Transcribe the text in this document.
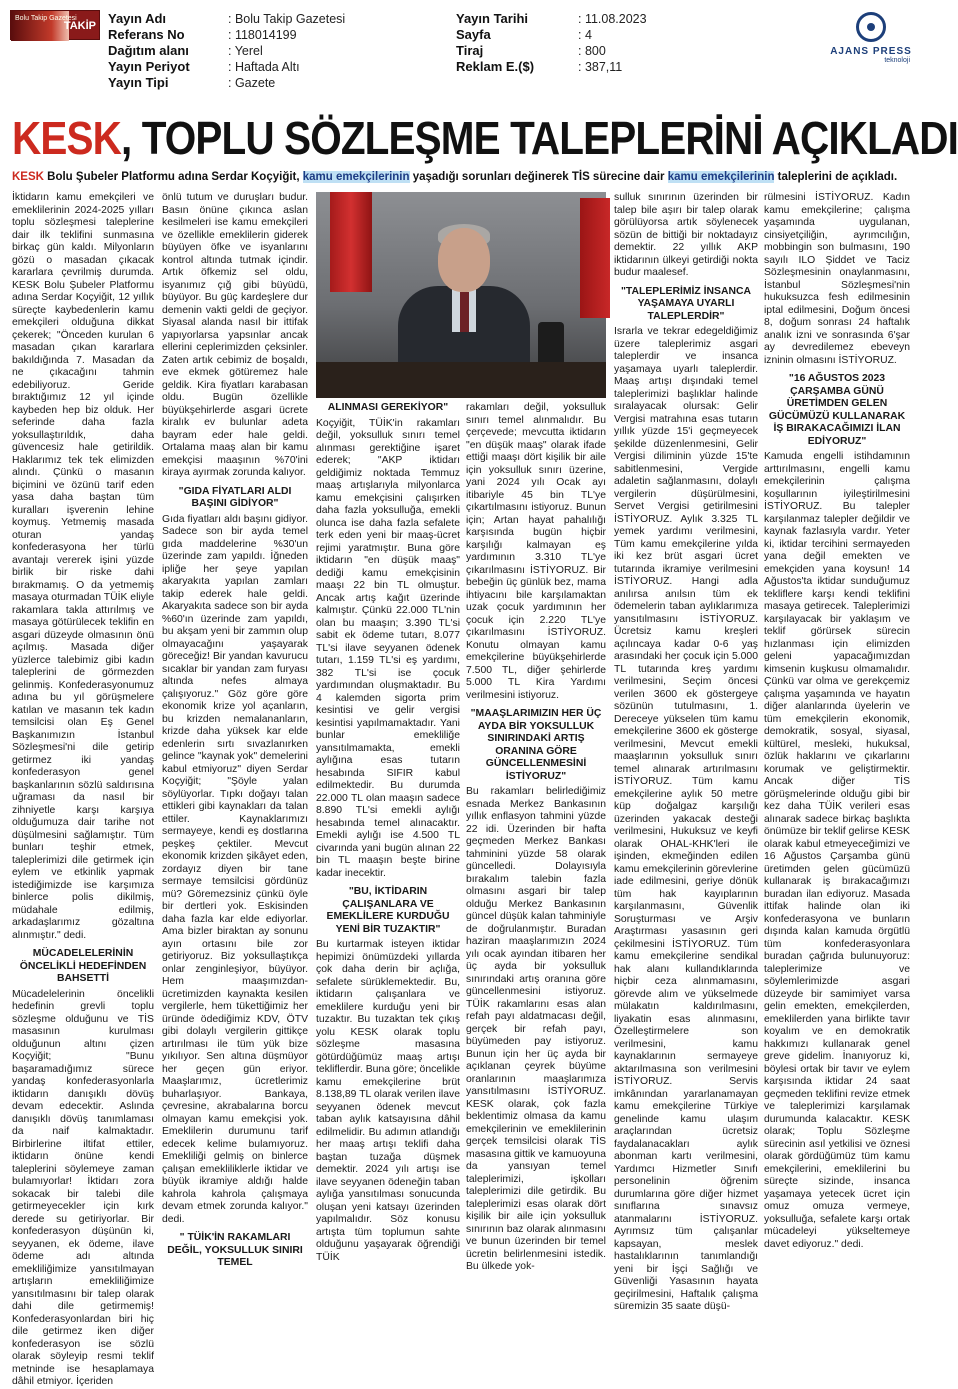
Bolu Takip Gazetesi
TAKİP Yayın Adı	: Bolu Takip Gazetesi
Referans No	: 118014199
Dağıtım alanı	: Yerel
Yayın Periyot	: Haftada Altı
Yayın Tipi	: Gazete
Yayın Tarihi	: 11.08.2023
Sayfa	: 4
Tiraj	: 800
Reklam E.($)	: 387,11
AJANS PRESS
teknoloji
KESK, TOPLU SÖZLEŞME TALEPLERİNİ AÇIKLADI
KESK Bolu Şubeler Platformu adına Serdar Koçyiğit, kamu emekçilerinin yaşadığı sorunları değinerek TİS sürecine dair kamu emekçilerinin taleplerini de açıkladı.

İktidarın kamu emekçileri ve emeklilerinin 2024-2025 yılları toplu sözleşmesi taleplerine dair ilk teklifini sunmasına birkaç gün kaldı. Milyonların gözü o masadan çıkacak kararlara çevrilmiş durumda. KESK Bolu Şubeler Platformu adına Serdar Koçyiğit, 12 yıllık süreçte kaybedenlerin kamu emekçileri olduğuna dikkat çekerek; "Önceden kurulan 6 masadan çıkan kararlara bakıldığında 7. Masadan da ne çıkacağını tahmin edebiliyoruz. Geride bıraktığımız 12 yıl içinde kaybeden hep biz olduk. Her seferinde daha fazla yoksullaştırıldık, daha güvencesiz hale getirildik. Haklarımız tek tek elimizden alındı. Çünkü o masanın biçimini ve özünü tarif eden yasa daha baştan tüm kuralları işverenin lehine koymuş. Yetmemiş masada oturan yandaş konfederasyona her türlü avantajı vererek işini yüzde birlik bir riske dahi bırakmamış. O da yetmemiş masaya oturmadan TÜİK eliyle rakamlara takla attırılmış ve masaya götürülecek teklifin en asgari düzeyde olmasının önü açılmış. Masada diğer yüzlerce talebimiz gibi kadın taleplerini de görmezden gelinmiş. Konfederasyonumuz adına bu yıl görüşmelere katılan ve masanın tek kadın temsilcisi olan Eş Genel Başkanımızın İstanbul Sözleşmesi'ni dile getirip getirmez iki yandaş konfederasyon genel başkanlarının sözlü saldırısına uğraması da nasıl bir zihniyetle karşı karşıya olduğumuza dair tarihe not düşülmesini sağlamıştır. Tüm bunları teşhir etmek, taleplerimizi dile getirmek için eylem ve etkinlik yapmak istediğimizde ise karşımıza binlerce polis dikilmiş, müdahale edilmiş, arkadaşlarımız gözaltına alınmıştır." dedi.

MÜCADELELERİNİN ÖNCELİKLİ HEDEFİNDEN BAHSETTİ

Mücadelelerinin öncelikli hedefinin grevli toplu sözleşme olduğunu ve TİS masasının kurulması olduğunun altını çizen Koçyiğit; "Bunu başaramadığımız sürece yandaş konfederasyonlarla iktidarın danışıklı dövüş devam edecektir. Aslında danışıklı dövüş tanımlaması da naif kalmaktadır. Birbirlerine iltifat ettiler, iktidarın önüne kendi taleplerini söylemeye zaman bulamıyorlar! İktidarı zora sokacak bir talebi dile getirmeyecekler için kırk derede su getiriyorlar. Bir konfederasyon düşünün ki, seyyanen, ek ödeme, ilave ödeme adı altında emekliliğimize yansıtılmayan artışların emekliliğimize yansıtılmasını bir talep olarak dahi dile getirmemiş! Konfederasyonlardan biri hiç dile getirmez iken diğer konfederasyon ise sözlü olarak söyleyip resmi teklif metninde ise hesaplamaya dâhil etmiyor. İçeriden

önlü tutum ve duruşları budur. Basın önüne çıkınca aslan kesilmeleri ise kamu emekçileri ve özellikle emeklilerin giderek büyüyen öfke ve isyanlarını kontrol altında tutmak içindir. Artık öfkemiz sel oldu, isyanımız çığ gibi büyüdü, büyüyor. Bu güç kardeşlere dur demenin vakti geldi de geçiyor. Siyasal alanda nasıl bir ittifak yapıyorlarsa yapsınlar ancak ellerini ceplerimizden çeksinler. Zaten artık cebimiz de boşaldı, eve ekmek götüremez hale geldik. Kira fiyatları karabasan oldu. Bugün özellikle büyükşehirlerde asgari ücrete kiralık ev bulunlar adeta bayram eder hale geldi. Ortalama maaş alan bir kamu emekçisi maaşının %70'ini kiraya ayırmak zorunda kalıyor.

"GIDA FİYATLARI ALDI BAŞINI GİDİYOR"

Gıda fiyatları aldı başını gidiyor. Sadece son bir ayda temel gıda maddelerine %30'un üzerinde zam yapıldı. İğneden ipliğe her şeye yapılan akaryakıta yapılan zamları takip ederek hale geldi. Akaryakıta sadece son bir ayda %60'ın üzerinde zam yapıldı, bu akşam yeni bir zammın olup olmayacağını yaşayarak göreceğiz! Bir yandan kavurucu sıcaklar bir yandan zam furyası altında nefes almaya çalışıyoruz." Göz göre göre ekonomik krize yol açanların, bu krizden nemalananların, krizde daha yüksek kar elde edenlerin sırtı sıvazlanırken gelince "kaynak yok" demelerini kabul etmiyoruz" diyen Serdar Koçyiğit; "Şöyle yalan söylüyorlar. Tıpkı doğayı talan ettikleri gibi kaynakları da talan ettiler. Kaynaklarımızı sermayeye, kendi eş dostlarına peşkeş çektiler. Mevcut ekonomik krizden şikâyet eden, zordayız diyen bir tane sermaye temsilcisi gördünüz mü? Göremezsiniz çünkü öyle bir dertleri yok. Eskisinden daha fazla kar elde ediyorlar. Ama bizler biraktan ay sonunu ayın ortasını bile zor getiriyoruz. Biz yoksullaştıkça onlar zenginleşiyor, büyüyor. Hem maaşımızdan-ücretimizden kaynakta kesilen vergilerle, hem tükettiğimiz her üründe ödediğimiz KDV, ÖTV gibi dolaylı vergilerin gittikçe artırılması ile tüm yük bize yıkılıyor. Sen altına düşmüyor her geçen gün eriyor. Maaşlarımız, ücretlerimiz buharlaşıyor. Bankaya, çevresine, akrabalarına borcu olmayan kamu emekçisi yok. Emeklilerin durumunu tarif edecek kelime bulamıyoruz. Emekliliği gelmiş on binlerce çalışan emekliliklerle iktidar ve büyük ikramiye aldığı halde kahrola kahrola çalışmaya devam etmek zorunda kalıyor." dedi.

" TÜİK'İN RAKAMLARI DEĞİL, YOKSULLUK SINIRI TEMEL
ALINMASI GEREKİYOR"

Koçyiğit, TÜİK'in rakamları değil, yoksulluk sınırı temel alınması gerektiğine işaret ederek; "AKP iktidarı geldiğimiz noktada Temmuz maaş artışlarıyla milyonlarca kamu emekçisini çalışırken daha fazla yoksulluğa, emekli olunca ise daha fazla sefalete terk eden yeni bir maaş-ücret rejimi yaratmıştır. Buna göre iktidarın "en düşük maaş" dediği kamu emekçisinin maaşı 22 bin TL olmuştur. Ancak artış kağıt üzerinde kalmıştır. Çünkü 22.000 TL'nin olan bu maaşın; 3.390 TL'si sabit ek ödeme tutarı, 8.077 TL'si ilave seyyanen ödenek tutarı, 1.159 TL'si eş yardımı, 382 TL'si ise çocuk yardımından oluşmaktadır. Bu 4 kalemden sigorta prim kesintisi ve gelir vergisi kesintisi yapılmamaktadır. Yani bunlar emekliliğe yansıtılmamakta, emekli aylığına esas tutarın hesabında SIFIR kabul edilmektedir. Bu durumda 22.000 TL olan maaşın sadece 8.890 TL'si emekli aylığı hesabında temel alınacaktır. Emekli aylığı ise 4.500 TL civarında yani bugün alınan 22 bin TL maaşın beşte birine kadar inecektir.

"BU, İKTİDARIN ÇALIŞANLARA VE EMEKLİLERE KURDUĞU YENİ BİR TUZAKTIR"

Bu kurtarmak isteyen iktidar hepimizi önümüzdeki yıllarda çok daha derin bir açlığa, sefalete sürüklemektedir. Bu, iktidarın çalışanlara ve emeklilere kurduğu yeni bir tuzaktır. Bu tuzaktan tek çıkış yolu KESK olarak toplu sözleşme masasına götürdüğümüz maaş artışı tekliflerdir. Buna göre; öncelikle kamu emekçilerine brüt 8.138,89 TL olarak verilen ilave seyyanen ödenek mevcut taban aylık katsayısına dâhil edilmelidir. Bu adımın atlandığı her maaş artışı teklifi daha baştan tuzağa düşmek demektir. 2024 yılı artışı ise ilave seyyanen ödeneğin taban aylığa yansıtılması sonucunda oluşan yeni katsayı üzerinden yapılmalıdır. Söz konusu artışta tüm toplumun sahte olduğunu yaşayarak öğrendiği TÜİK

rakamları değil, yoksulluk sınırı temel alınmalıdır. Bu çerçevede; mevcutta iktidarın "en düşük maaş" olarak ifade ettiği maaşı dört kişilik bir aile için yoksulluk sınırı üzerine, yani 2024 yılı Ocak ayı itibariyle 45 bin TL'ye çıkartılmasını istiyoruz. Bunun için; Artan hayat pahalılığı karşısında bugün hiçbir karşılığı kalmayan eş yardımının 3.310 TL'ye çıkarılmasını İSTİYORUZ. Bir bebeğin üç günlük bez, mama ihtiyacını bile karşılamaktan uzak çocuk yardımının her çocuk için 2.220 TL'ye çıkarılmasını İSTİYORUZ. Konutu olmayan kamu emekçilerine büyükşehirlerde 7.500 TL, diğer şehirlerde 5.000 TL Kira Yardımı verilmesini istiyoruz.

"MAAŞLARIMIZIN HER ÜÇ AYDA BİR YOKSULLUK SINIRINDAKİ ARTIŞ ORANINA GÖRE GÜNCELLENMESİNİ İSTİYORUZ"

Bu rakamları belirlediğimiz esnada Merkez Bankasının yıllık enflasyon tahmini yüzde 22 idi. Üzerinden bir hafta geçmeden Merkez Bankası tahminini yüzde 58 olarak güncelledi. Dolayısıyla bırakalım talebin fazla olmasını asgari bir talep olduğu Merkez Bankasının güncel düşük kalan tahminiyle de doğrulanmıştır. Buradan haziran maaşlarımızın 2024 yılı ocak ayından itibaren her üç ayda bir yoksulluk sınırındaki artış oranına göre güncellenmesini istiyoruz. TÜİK rakamlarını esas alan refah payı aldatmacası değil, gerçek bir refah payı, büyümeden pay istiyoruz. Bunun için her üç ayda bir açıklanan çeyrek büyüme oranlarının maaşlarımıza yansıtılmasını İSTİYORUZ. KESK olarak, çok fazla beklentimiz olmasa da kamu emekçilerinin ve emeklilerinin gerçek temsilcisi olarak TİS masasına gittik ve kamuoyuna da yansıyan temel taleplerimizi, işkolları taleplerimizi dile getirdik. Bu taleplerimizi esas olarak dört kişilik bir aile için yoksulluk sınırının baz olarak alınmasını ve bunun üzerinden bir temel ücretin belirlenmesini istedik. Bu ülkede yok-

sulluk sınırının üzerinden bir talep bile aşırı bir talep olarak görülüyorsa artık söylenecek sözün de bittiği bir noktadayız demektir. 22 yıllık AKP iktidarının ülkeyi getirdiği nokta budur maalesef.

"TALEPLERİMİZ İNSANCA YAŞAMAYA UYARLI TALEPLERDİR"

Israrla ve tekrar edegeldiğimiz üzere taleplerimiz asgari taleplerdir ve insanca yaşamaya uyarlı taleplerdir. Maaş artışı dışındaki temel taleplerimizi başlıklar halinde sıralayacak olursak: Gelir Vergisi matrahına esas tutarın yıllık yüzde 15'i geçmeyecek şekilde düzenlenmesini, Gelir Vergisi diliminin yüzde 15'te sabitlenmesini, Vergide adaletin sağlanmasını, dolaylı vergilerin düşürülmesini, Servet Vergisi getirilmesini İSTİYORUZ. Aylık 3.325 TL yemek yardımı verilmesini, Tüm kamu emekçilerine yılda iki kez brüt asgari ücret tutarında ikramiye verilmesini İSTİYORUZ. Hangi adla anılırsa anılsın tüm ek ödemelerin taban aylıklarımıza yansıtılmasını İSTİYORUZ. Ücretsiz kamu kreşleri açılıncaya kadar 0-6 yaş arasındaki her çocuk için 5.000 TL tutarında kreş yardımı verilmesini, Seçim öncesi verilen 3600 ek göstergeye sözünün tutulmasını, 1. Dereceye yükselen tüm kamu emekçilerine 3600 ek gösterge verilmesini, Mevcut emekli maaşlarının yoksulluk sınırı temel alınarak artırılmasını İSTİYORUZ. Tüm kamu emekçilerine aylık 50 metre küp doğalgaz karşılığı üzerinden yakacak desteği verilmesini, Hukuksuz ve keyfi olarak OHAL-KHK'leri ile işinden, ekmeğinden edilen kamu emekçilerinin görevlerine iade edilmesini, geriye dönük tüm hak kayıplarının karşılanmasını, Güvenlik Soruşturması ve Arşiv Araştırması yasasının geri çekilmesini İSTİYORUZ. Tüm kamu emekçilerine sendikal hak alanı kullandıklarında hiçbir ceza alınmamasını, görevde alım ve yükselmede mülakatın kaldırılmasını, liyakatin esas alınmasını, Özelleştirmelere son verilmesini, kamu kaynaklarının sermayeye aktarılmasına son verilmesini İSTİYORUZ. Servis imkânından yararlanamayan kamu emekçilerine Türkiye genelinde kamu ulaşım araçlarından ücretsiz faydalanacakları aylık abonman kartı verilmesini, Yardımcı Hizmetler Sınıfı personelinin öğrenim durumlarına göre diğer hizmet sınıflarına sınavsız atanmalarını İSTİYORUZ. Ayrımsız tüm çalışanlar kapsayan, meslek hastalıklarının tanımlandığı yeni bir İşçi Sağlığı ve Güvenliği Yasasının hayata geçirilmesini, Haftalık çalışma süremizin 35 saate düşü-

rülmesini İSTİYORUZ. Kadın kamu emekçilerine; çalışma yaşamında uygulanan, cinsiyetçiliğin, ayrımcılığın, mobbingin son bulmasını, 190 sayılı ILO Şiddet ve Taciz Sözleşmesinin onaylanmasını, İstanbul Sözleşmesi'nin hukuksuzca fesh edilmesinin iptal edilmesini, Doğum öncesi 8, doğum sonrası 24 haftalık analık izni ve sonrasında 6'şar ay devredilemez ebeveyn izninin olmasını İSTİYORUZ.

"16 AĞUSTOS 2023 ÇARŞAMBA GÜNÜ ÜRETİMDEN GELEN GÜCÜMÜZÜ KULLANARAK İŞ BIRAKACAĞIMIZI İLAN EDİYORUZ"

Kamuda engelli istihdamının arttırılmasını, engelli kamu emekçilerinin çalışma koşullarının iyileştirilmesini İSTİYORUZ. Bu talepler karşılanmaz talepler değildir ve kaynak fazlasıyla vardır. Yeter ki, iktidar tercihini sermayeden yana değil emekten ve emekçiden yana koysun! 14 Ağustos'ta iktidar sunduğumuz tekliflere karşı kendi teklifini masaya getirecek. Taleplerimizi karşılayacak bir yaklaşım ve teklif görürsek sürecin hızlanması için elimizden geleni yapacağımızdan kimsenin kuşkusu olmamalıdır. Çünkü var olma ve gerekçemiz çalışma yaşamında ve hayatın diğer alanlarında üyelerin ve tüm emekçilerin ekonomik, demokratik, sosyal, siyasal, kültürel, mesleki, hukuksal, özlük haklarını ve çıkarlarını korumak ve geliştirmektir. Ancak diğer TİS görüşmelerinde olduğu gibi bir kez daha TÜİK verileri esas alınarak sadece birkaç başlıkta önümüze bir teklif gelirse KESK olarak kabul etmeyeceğimizi ve 16 Ağustos Çarşamba günü üretimden gelen gücümüzü kullanarak iş bırakacağımızı buradan ilan ediyoruz. Masada ittifak halinde olan iki konfederasyona ve bunların dışında kalan kamuda örgütlü tüm konfederasyonlara buradan çağrıda bulunuyoruz: taleplerimize ve söylemlerimizde asgari düzeyde bir samimiyet varsa gelin emekten, emekçilerden, emeklilerden yana birlikte tavır koyalım ve en demokratik hakkımızı kullanarak genel greve gidelim. İnanıyoruz ki, böylesi ortak bir tavır ve eylem karşısında iktidar 24 saat geçmeden teklifini revize etmek ve taleplerimizi karşılamak durumunda kalacaktır. KESK olarak; Toplu Sözleşme sürecinin asıl yetkilisi ve öznesi olarak gördüğümüz tüm kamu emekçilerini, emeklilerini bu süreçte sizinde, insanca yaşamaya yetecek ücret için omuz omuza vermeye, yoksulluğa, sefalete karşı ortak mücadeleyi yükseltemeye davet ediyoruz." dedi.
